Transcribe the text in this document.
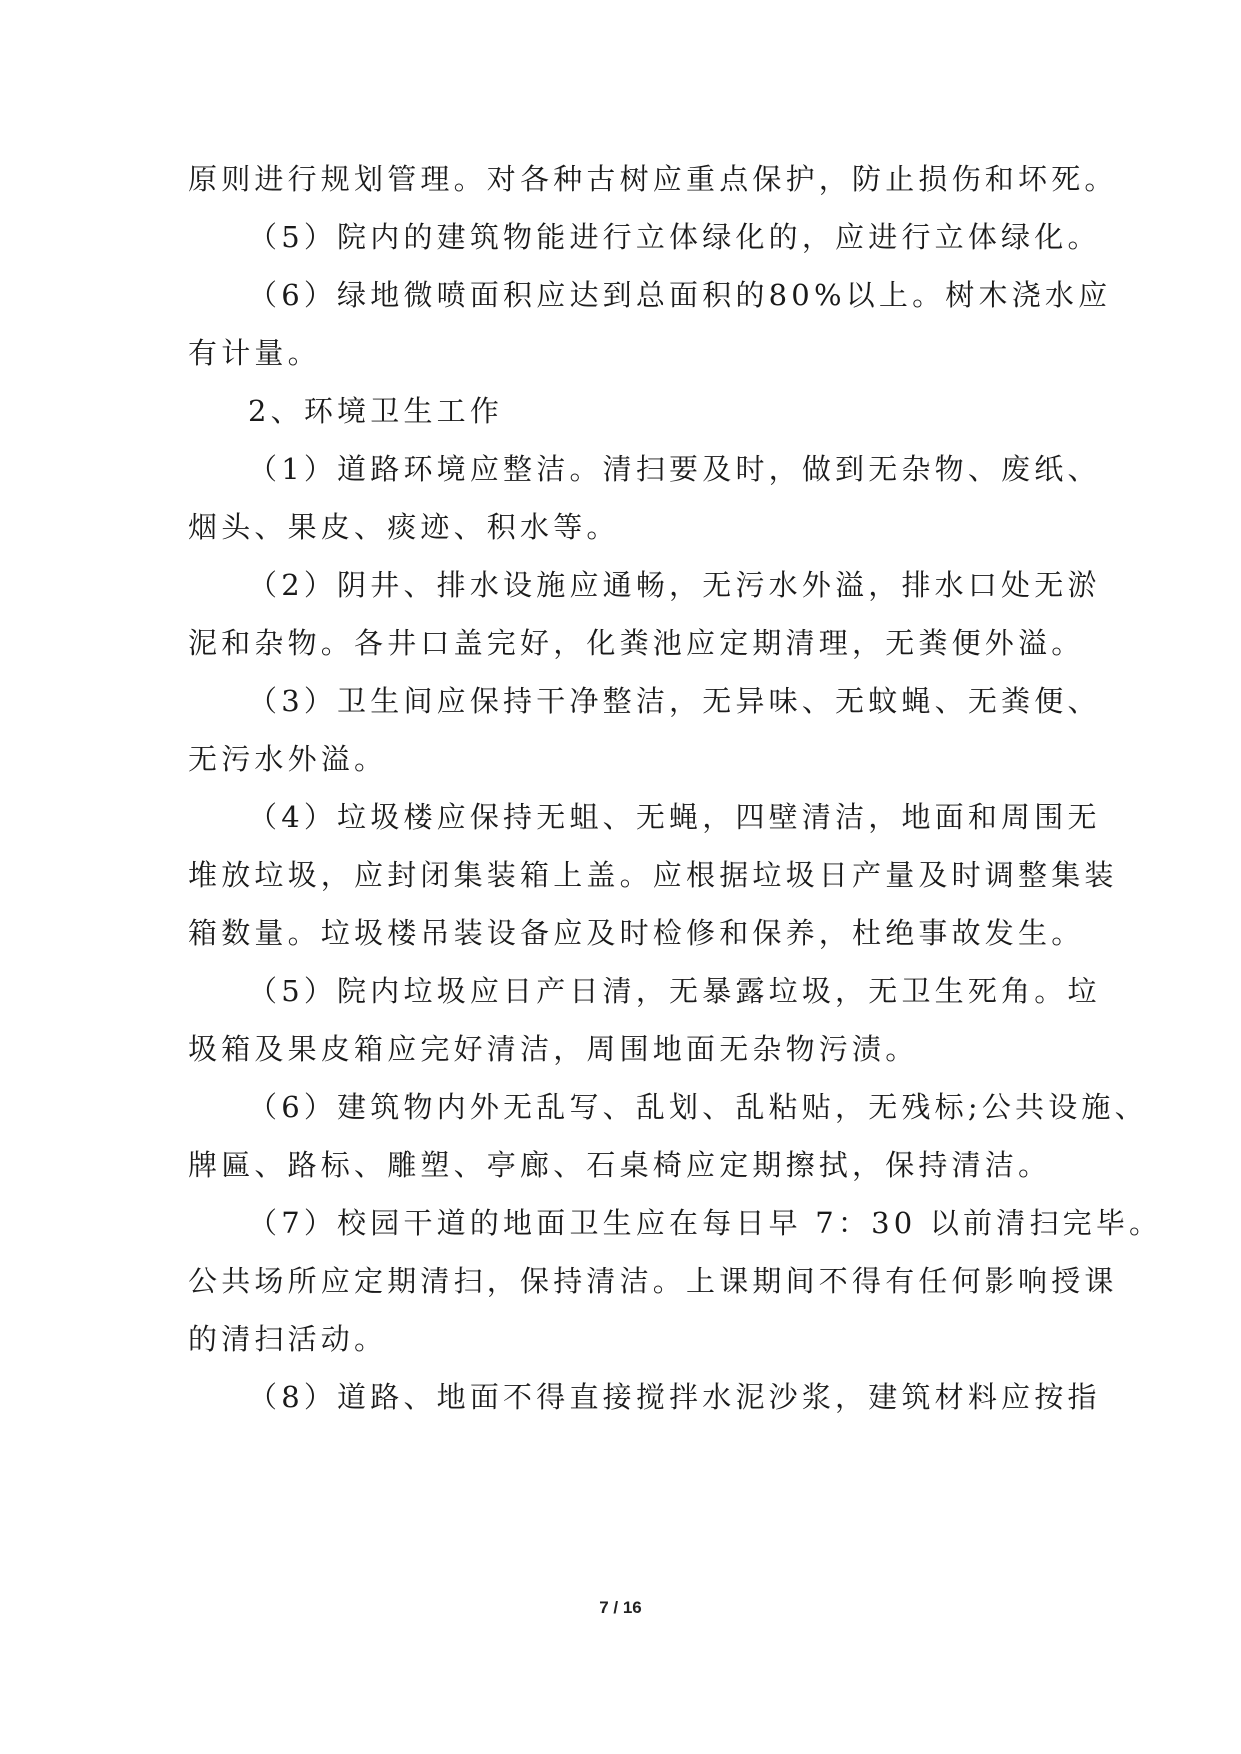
原则进行规划管理。对各种古树应重点保护，防止损伤和坏死。
（5）院内的建筑物能进行立体绿化的，应进行立体绿化。
（6）绿地微喷面积应达到总面积的80%以上。树木浇水应
有计量。
2、环境卫生工作
（1）道路环境应整洁。清扫要及时，做到无杂物、废纸、
烟头、果皮、痰迹、积水等。
（2）阴井、排水设施应通畅，无污水外溢，排水口处无淤
泥和杂物。各井口盖完好，化粪池应定期清理，无粪便外溢。
（3）卫生间应保持干净整洁，无异味、无蚊蝇、无粪便、
无污水外溢。
（4）垃圾楼应保持无蛆、无蝇，四壁清洁，地面和周围无
堆放垃圾，应封闭集装箱上盖。应根据垃圾日产量及时调整集装
箱数量。垃圾楼吊装设备应及时检修和保养，杜绝事故发生。
（5）院内垃圾应日产日清，无暴露垃圾，无卫生死角。垃
圾箱及果皮箱应完好清洁，周围地面无杂物污渍。
（6）建筑物内外无乱写、乱划、乱粘贴，无残标;公共设施、
牌匾、路标、雕塑、亭廊、石桌椅应定期擦拭，保持清洁。
（7）校园干道的地面卫生应在每日早 7：30 以前清扫完毕。
公共场所应定期清扫，保持清洁。上课期间不得有任何影响授课
的清扫活动。
（8）道路、地面不得直接搅拌水泥沙浆，建筑材料应按指
7 / 16
